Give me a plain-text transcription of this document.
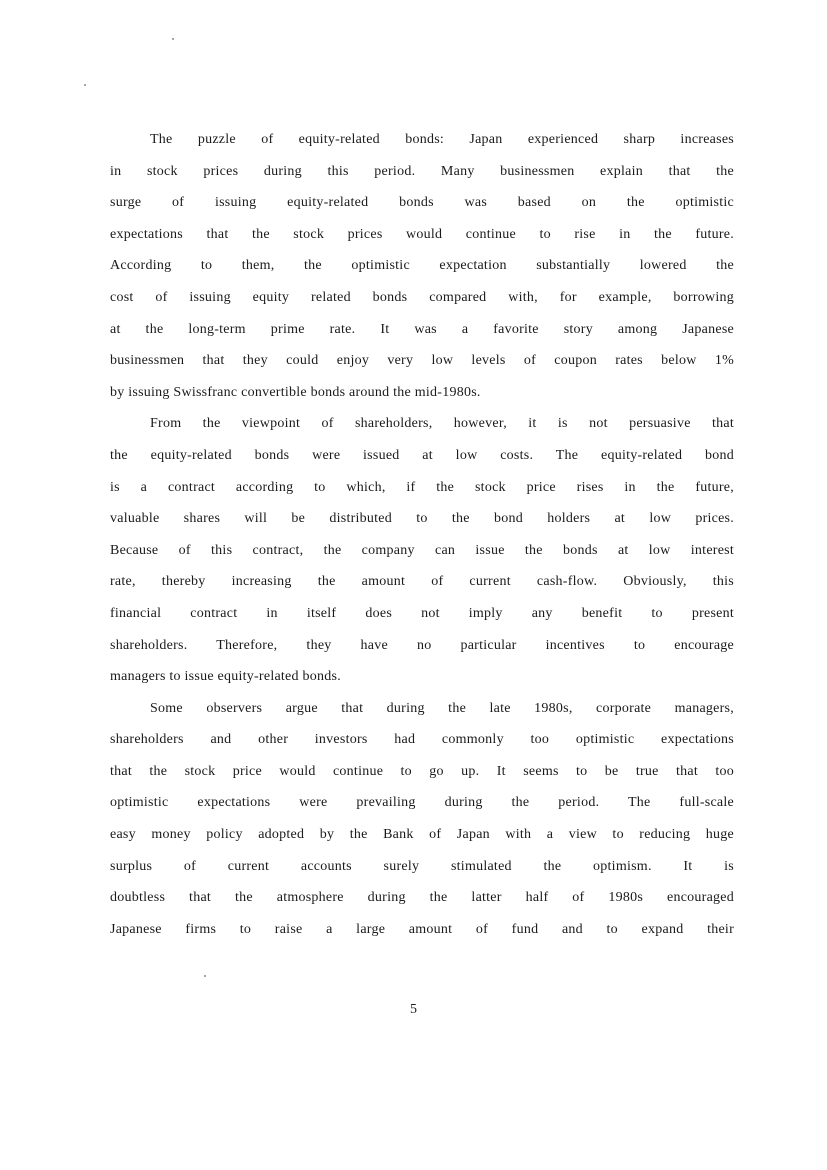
The puzzle of equity-related bonds: Japan experienced sharp increases
in stock prices during this period. Many businessmen explain that the
surge of issuing equity-related bonds was based on the optimistic
expectations that the stock prices would continue to rise in the future.
According to them, the optimistic expectation substantially lowered the
cost of issuing equity related bonds compared with, for example, borrowing
at the long-term prime rate. It was a favorite story among Japanese
businessmen that they could enjoy very low levels of coupon rates below 1%
by issuing Swissfranc convertible bonds around the mid-1980s.
From the viewpoint of shareholders, however, it is not persuasive that
the equity-related bonds were issued at low costs. The equity-related bond
is a contract according to which, if the stock price rises in the future,
valuable shares will be distributed to the bond holders at low prices.
Because of this contract, the company can issue the bonds at low interest
rate, thereby increasing the amount of current cash-flow. Obviously, this
financial contract in itself does not imply any benefit to present
shareholders. Therefore, they have no particular incentives to encourage
managers to issue equity-related bonds.
Some observers argue that during the late 1980s, corporate managers,
shareholders and other investors had commonly too optimistic expectations
that the stock price would continue to go up. It seems to be true that too
optimistic expectations were prevailing during the period. The full-scale
easy money policy adopted by the Bank of Japan with a view to reducing huge
surplus of current accounts surely stimulated the optimism. It is
doubtless that the atmosphere during the latter half of 1980s encouraged
Japanese firms to raise a large amount of fund and to expand their
5
